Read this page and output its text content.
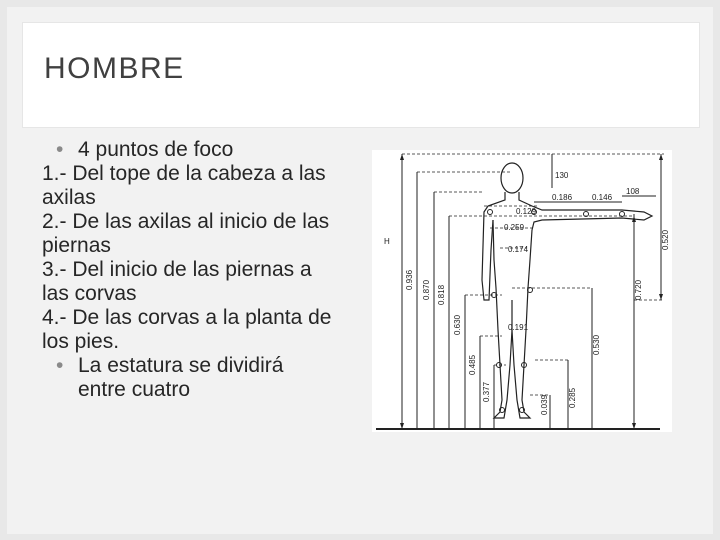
HOMBRE
• 4 puntos de foco
1.- Del tope de la cabeza a las axilas
2.- De las axilas al inicio de las piernas
3.- Del inicio de las piernas a las corvas
4.- De las corvas a la planta de los pies.
• La estatura se dividirá
entre cuatro
H
0.936 0.870 0.818
0.630
0.485
0.377
0.039 0.285
0.530
0.720
0.520
130
0.186 0.146
108
0.129
0.259
0.174
0.191
